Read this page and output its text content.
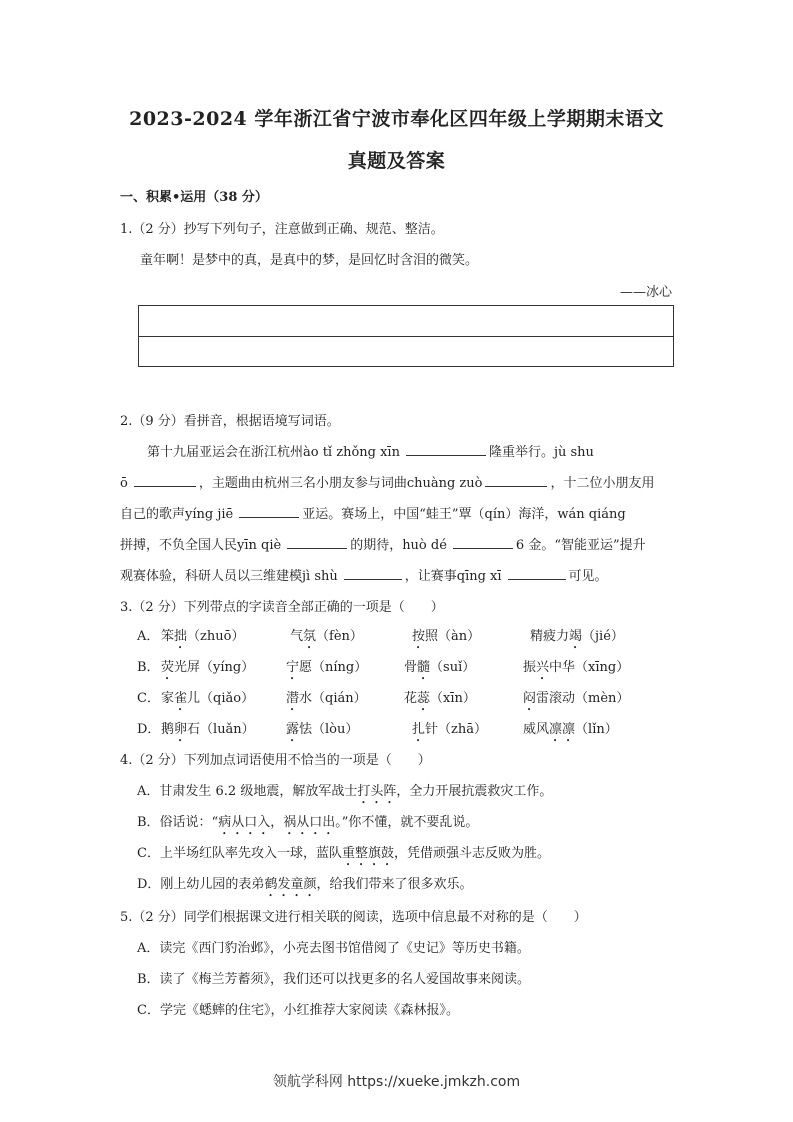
2023-2024 学年浙江省宁波市奉化区四年级上学期期末语文
真题及答案
一、积累•运用（38 分）
1.（2 分）抄写下列句子，注意做到正确、规范、整洁。
童年啊！是梦中的真，是真中的梦，是回忆时含泪的微笑。
——冰心
2.（9 分）看拼音，根据语境写词语。
第十九届亚运会在浙江杭州ào tǐ zhǒng xīn	隆重举行。jù shu
ō	，主题曲由杭州三名小朋友参与词曲chuàng zuò	，十二位小朋友用
自己的歌声yíng jiē	亚运。赛场上，中国“蛙王”覃（qín）海洋，wán qiáng
拼搏，不负全国人民yīn qiè	的期待，huò dé	6 金。“智能亚运”提升
观赛体验，科研人员以三维建模jì shù	，让赛事qīng xī	可见。
3.（2 分）下列带点的字读音全部正确的一项是（　　）
A． 笨拙（zhuō）	气氛（fèn）	按照（àn）	精疲力竭（jié）
B． 荧光屏（yíng） 宁愿（níng）	骨髓（suǐ）	振兴中华（xīng）
C． 家雀儿（qiǎo） 潜水（qián）	花蕊（xīn）	闷雷滚动（mèn）
D． 鹅卵石（luǎn） 露怯（lòu）	扎针（zhā）	威风凛凛（lǐn）
4.（2 分）下列加点词语使用不恰当的一项是（　　）
A．甘肃发生 6.2 级地震，解放军战士打头阵，全力开展抗震救灾工作。
B．俗话说：“病从口入，祸从口出。”你不懂，就不要乱说。
C．上半场红队率先攻入一球，蓝队重整旗鼓，凭借顽强斗志反败为胜。
D．刚上幼儿园的表弟鹤发童颜，给我们带来了很多欢乐。
5.（2 分）同学们根据课文进行相关联的阅读，选项中信息最不对称的是（　　）
A．读完《西门豹治邺》，小亮去图书馆借阅了《史记》等历史书籍。
B．读了《梅兰芳蓄须》，我们还可以找更多的名人爱国故事来阅读。
C．学完《蟋蟀的住宅》，小红推荐大家阅读《森林报》。
领航学科网 https://xueke.jmkzh.com
